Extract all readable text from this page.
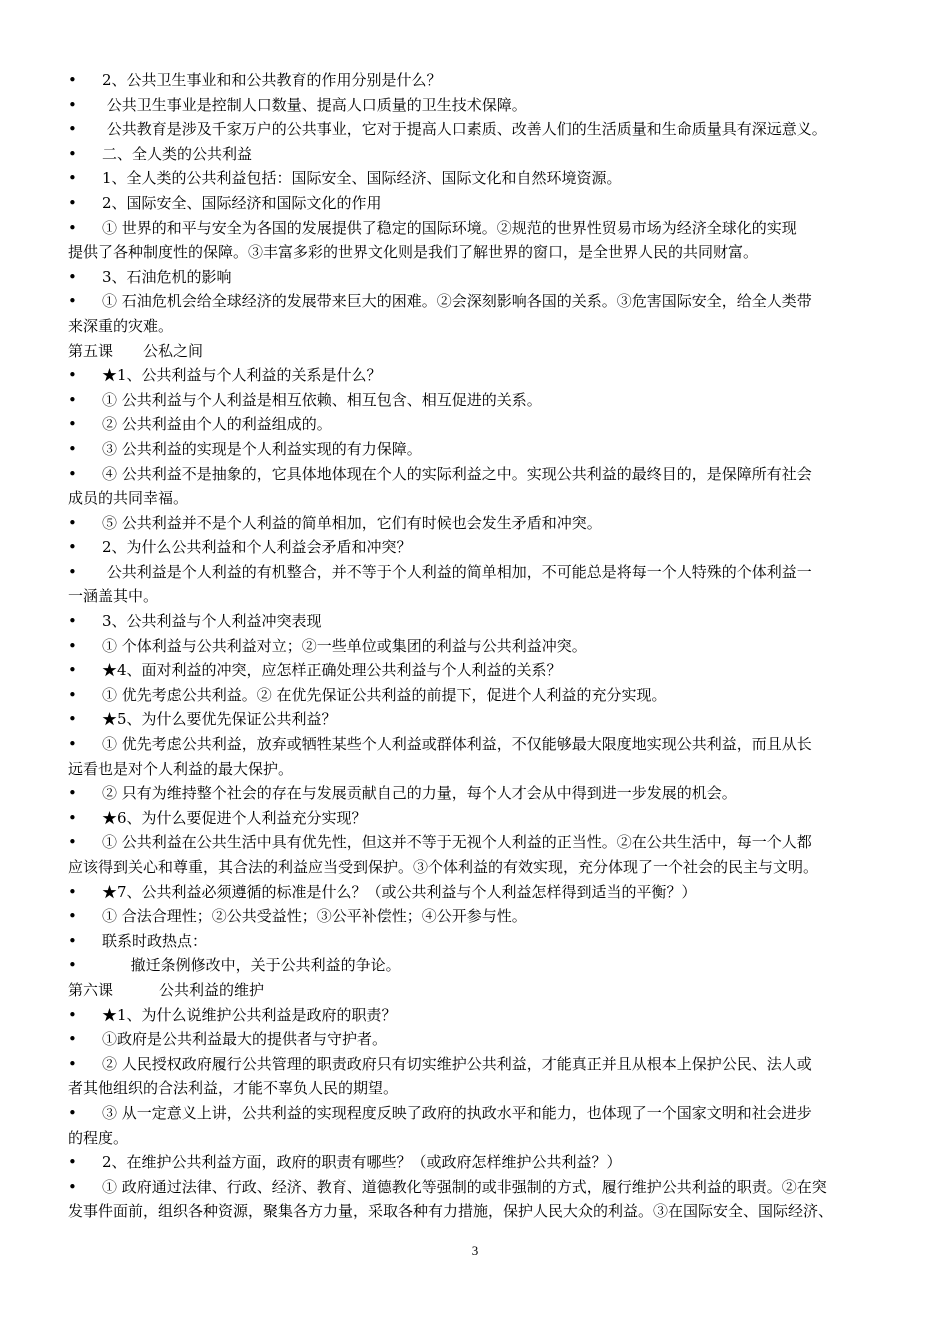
•	2、公共卫生事业和和公共教育的作用分别是什么？
•	公共卫生事业是控制人口数量、提高人口质量的卫生技术保障。
•	公共教育是涉及千家万户的公共事业，它对于提高人口素质、改善人们的生活质量和生命质量具有深远意义。
•	二、全人类的公共利益
•	1、全人类的公共利益包括：国际安全、国际经济、国际文化和自然环境资源。
•	2、国际安全、国际经济和国际文化的作用
•	① 世界的和平与安全为各国的发展提供了稳定的国际环境。②规范的世界性贸易市场为经济全球化的实现
提供了各种制度性的保障。③丰富多彩的世界文化则是我们了解世界的窗口，是全世界人民的共同财富。
•	3、石油危机的影响
•	① 石油危机会给全球经济的发展带来巨大的困难。②会深刻影响各国的关系。③危害国际安全，给全人类带
来深重的灾难。
第五课 公私之间
•	★1、公共利益与个人利益的关系是什么？
•	① 公共利益与个人利益是相互依赖、相互包含、相互促进的关系。
•	② 公共利益由个人的利益组成的。
•	③ 公共利益的实现是个人利益实现的有力保障。
•	④ 公共利益不是抽象的，它具体地体现在个人的实际利益之中。实现公共利益的最终目的，是保障所有社会
成员的共同幸福。
•	⑤ 公共利益并不是个人利益的简单相加，它们有时候也会发生矛盾和冲突。
•	2、为什么公共利益和个人利益会矛盾和冲突？
•	公共利益是个人利益的有机整合，并不等于个人利益的简单相加，不可能总是将每一个人特殊的个体利益一
一涵盖其中。
•	3、公共利益与个人利益冲突表现
•	① 个体利益与公共利益对立；②一些单位或集团的利益与公共利益冲突。
•	★4、面对利益的冲突，应怎样正确处理公共利益与个人利益的关系？
•	① 优先考虑公共利益。② 在优先保证公共利益的前提下，促进个人利益的充分实现。
•	★5、为什么要优先保证公共利益？
•	① 优先考虑公共利益，放弃或牺牲某些个人利益或群体利益，不仅能够最大限度地实现公共利益，而且从长
远看也是对个人利益的最大保护。
•	② 只有为维持整个社会的存在与发展贡献自己的力量，每个人才会从中得到进一步发展的机会。
•	★6、为什么要促进个人利益充分实现？
•	① 公共利益在公共生活中具有优先性，但这并不等于无视个人利益的正当性。②在公共生活中，每一个人都
应该得到关心和尊重，其合法的利益应当受到保护。③个体利益的有效实现，充分体现了一个社会的民主与文明。
•	★7、公共利益必须遵循的标准是什么？（或公共利益与个人利益怎样得到适当的平衡？）
•	① 合法合理性；②公共受益性；③公平补偿性；④公开参与性。
•	联系时政热点：
•	撤迁条例修改中，关于公共利益的争论。
第六课	公共利益的维护
•	★1、为什么说维护公共利益是政府的职责？
•	①政府是公共利益最大的提供者与守护者。
•	② 人民授权政府履行公共管理的职责政府只有切实维护公共利益，才能真正并且从根本上保护公民、法人或
者其他组织的合法利益，才能不辜负人民的期望。
•	③ 从一定意义上讲，公共利益的实现程度反映了政府的执政水平和能力，也体现了一个国家文明和社会进步
的程度。
•	2、在维护公共利益方面，政府的职责有哪些？（或政府怎样维护公共利益？）
•	① 政府通过法律、行政、经济、教育、道德教化等强制的或非强制的方式，履行维护公共利益的职责。②在突
发事件面前，组织各种资源，聚集各方力量，采取各种有力措施，保护人民大众的利益。③在国际安全、国际经济、
3
